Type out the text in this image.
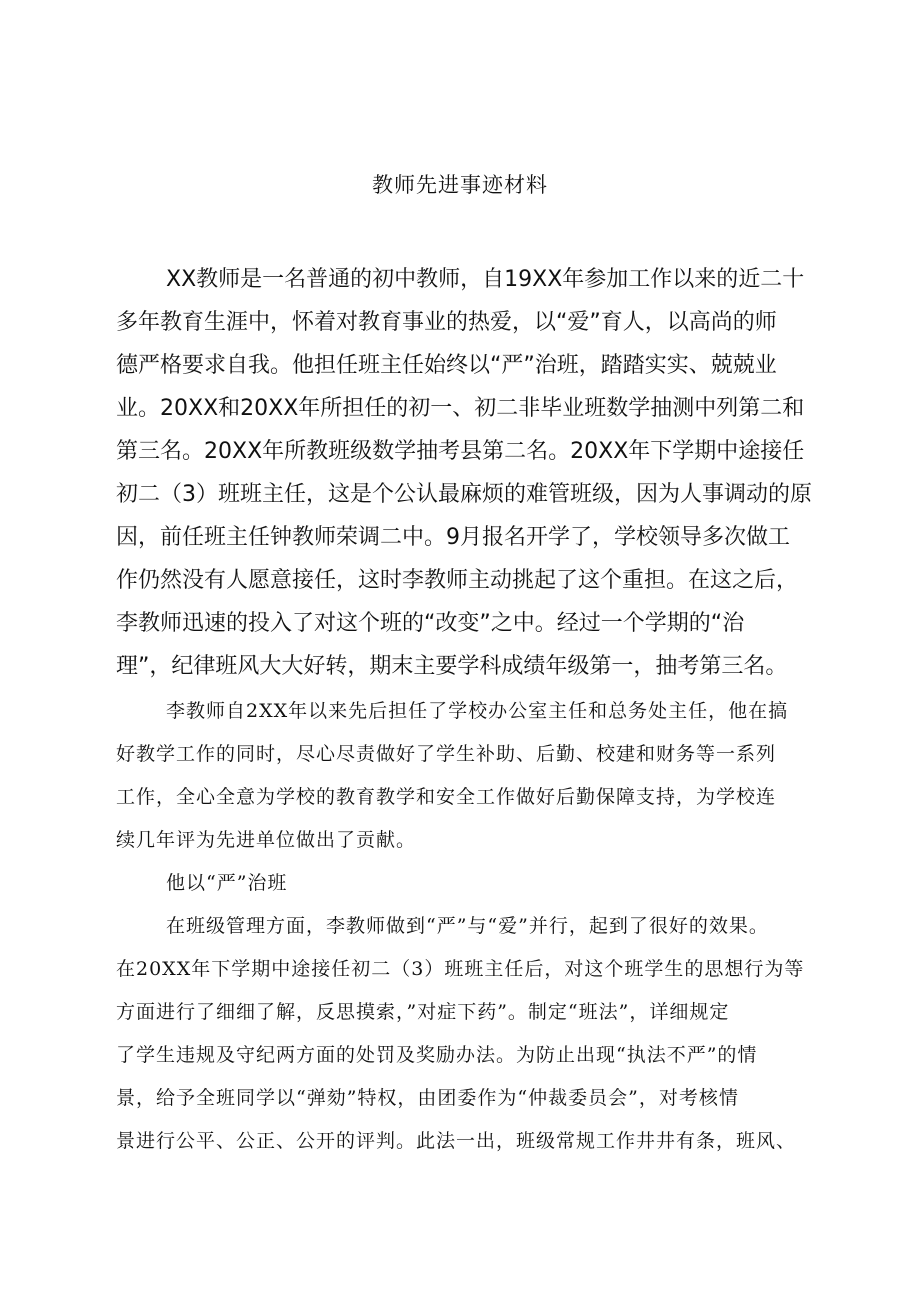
教师先进事迹材料
XX教师是一名普通的初中教师，自19XX年参加工作以来的近二十
多年教育生涯中，怀着对教育事业的热爱，以“爱”育人，以高尚的师
德严格要求自我。他担任班主任始终以“严”治班，踏踏实实、兢兢业
业。20XX和20XX年所担任的初一、初二非毕业班数学抽测中列第二和
第三名。20XX年所教班级数学抽考县第二名。20XX年下学期中途接任
初二（3）班班主任，这是个公认最麻烦的难管班级，因为人事调动的原
因，前任班主任钟教师荣调二中。9月报名开学了，学校领导多次做工
作仍然没有人愿意接任，这时李教师主动挑起了这个重担。在这之后，
李教师迅速的投入了对这个班的“改变”之中。经过一个学期的“治
理”，纪律班风大大好转，期末主要学科成绩年级第一，抽考第三名。
李教师自2XX年以来先后担任了学校办公室主任和总务处主任，他在搞
好教学工作的同时，尽心尽责做好了学生补助、后勤、校建和财务等一系列
工作，全心全意为学校的教育教学和安全工作做好后勤保障支持，为学校连
续几年评为先进单位做出了贡献。
他以“严”治班
在班级管理方面，李教师做到“严”与“爱”并行，起到了很好的效果。
在20XX年下学期中途接任初二（3）班班主任后，对这个班学生的思想行为等
方面进行了细细了解，反思摸索，”对症下药”。制定“班法”，详细规定
了学生违规及守纪两方面的处罚及奖励办法。为防止出现“执法不严”的情
景，给予全班同学以“弹劾”特权，由团委作为“仲裁委员会”，对考核情
景进行公平、公正、公开的评判。此法一出，班级常规工作井井有条，班风、
